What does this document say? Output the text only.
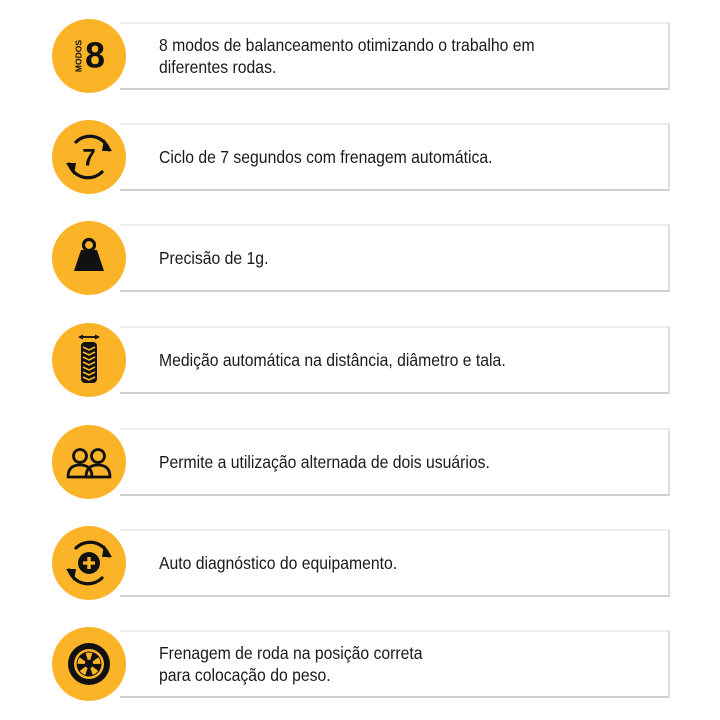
8 modos de balanceamento otimizando o trabalho em
diferentes rodas.
MODOS 8
Ciclo de 7 segundos com frenagem automática.
7
Precisão de 1g.
Medição automática na distância, diâmetro e tala.
Permite a utilização alternada de dois usuários.
Auto diagnóstico do equipamento.
Frenagem de roda na posição correta
para colocação do peso.
